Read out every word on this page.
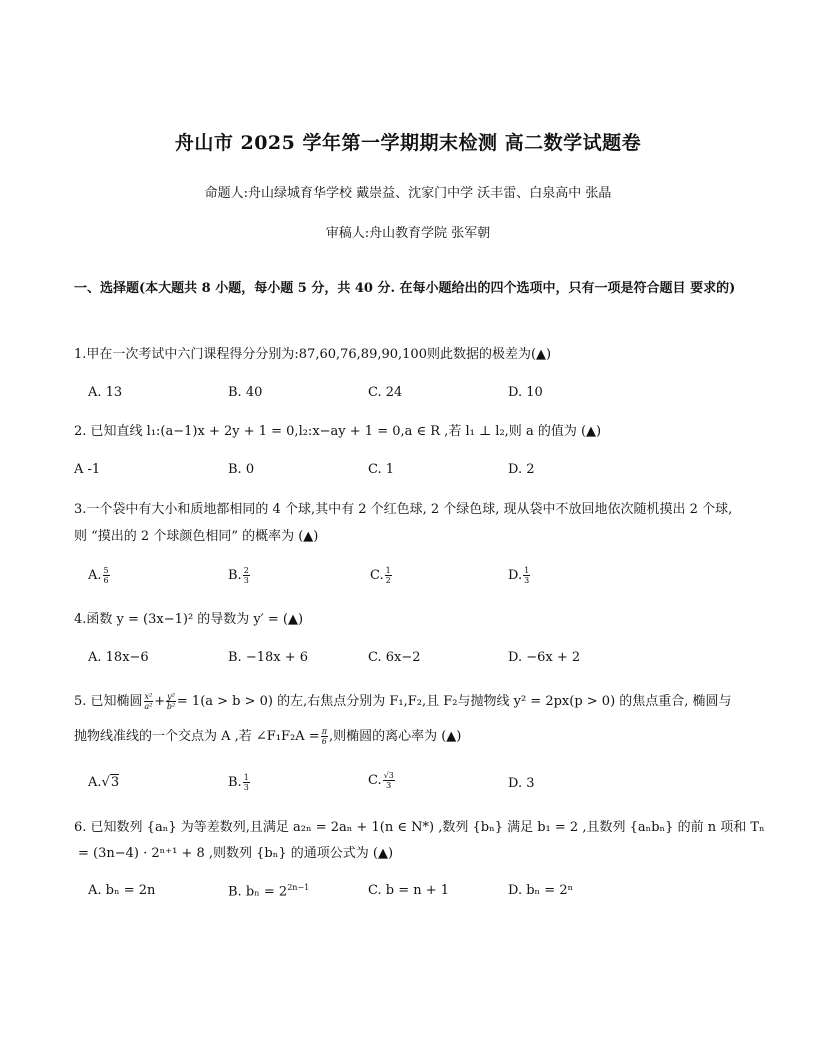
舟山市 2025 学年第一学期期末检测 高二数学试题卷
命题人:舟山绿城育华学校 戴崇益、沈家门中学 沃丰雷、白泉高中 张晶
审稿人:舟山教育学院 张军朝
一、选择题(本大题共 8 小题，每小题 5 分，共 40 分. 在每小题给出的四个选项中，只有一项是符合题目 要求的)
1.甲在一次考试中六门课程得分分别为:87,60,76,89,90,100则此数据的极差为(▲)
A. 13	B. 40	C. 24	D. 10
2. 已知直线 l₁:(a−1)x + 2y + 1 = 0,l₂:x−ay + 1 = 0,a ∈ R ,若 l₁ ⊥ l₂,则 a 的值为 (▲)
A -1	B. 0	C. 1	D. 2
3.一个袋中有大小和质地都相同的 4 个球,其中有 2 个红色球, 2 个绿色球, 现从袋中不放回地依次随机摸出 2 个球, 则 “摸出的 2 个球颜色相同” 的概率为 (▲)
A. $\frac{5}{6}$	B. $\frac{2}{3}$	C. $\frac{1}{2}$	D. $\frac{1}{3}$
4.函数 y = (3x−1)² 的导数为 y′ = (▲)
A. 18x−6	B. −18x + 6	C. 6x−2	D. −6x + 2
5. 已知椭圆 $\frac{\text{x²}}{\text{a²}} + \frac{\text{y²}}{\text{b²}} = 1(a > b > 0)$ 的左,右焦点分别为 F₁,F₂,且 F₂与抛物线 y² = 2px(p > 0) 的焦点重合, 椭圆与
抛物线准线的一个交点为 A ,若 ∠F₁F₂A = $\frac{\pi}{6}$ ,则椭圆的离心率为 (▲)
A.√3	B. $\frac{1}{3}$	C. $\frac{√3}{3}$	D. 3
6. 已知数列 {aₙ} 为等差数列,且满足 a₂ₙ = 2aₙ + 1(n ∈ N*) ,数列 {bₙ} 满足 b₁ = 2 ,且数列 {aₙbₙ} 的前 n 项和 Tₙ
= (3n−4) · 2ⁿ⁺¹ + 8 ,则数列 {bₙ} 的通项公式为 (▲)
A. bₙ = 2n	B. $b_n = 2^{2n-1}$	C. b = n + 1	D. bₙ = 2ⁿ
